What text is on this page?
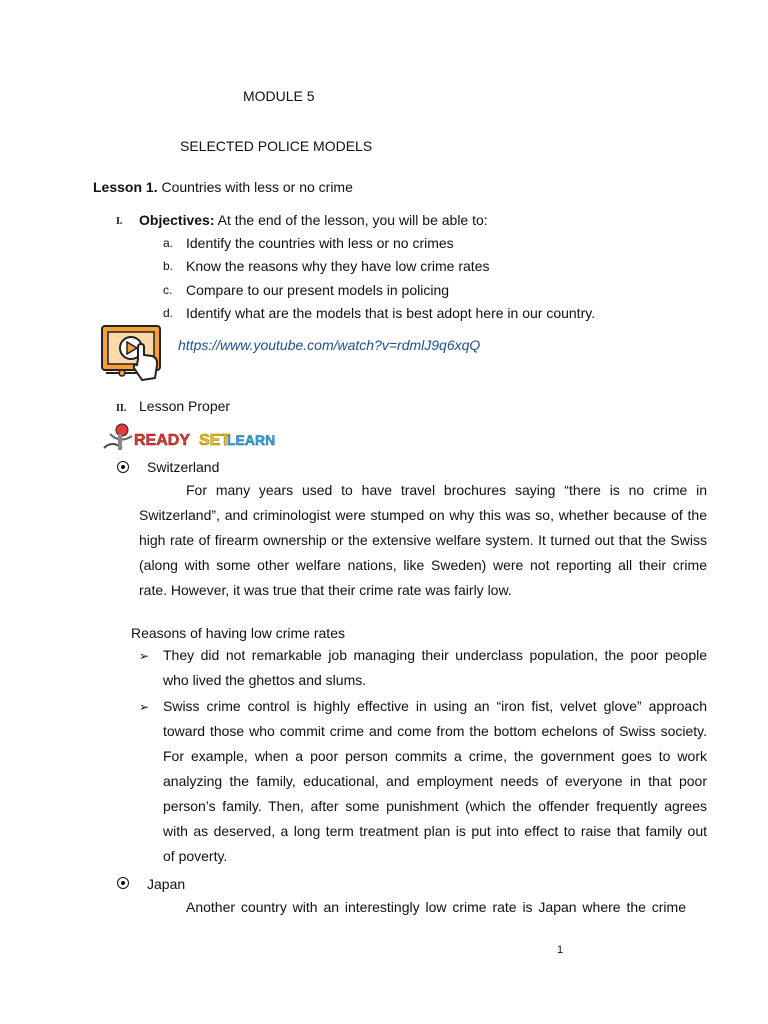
MODULE 5
SELECTED POLICE MODELS
Lesson 1. Countries with less or no crime
I. Objectives: At the end of the lesson, you will be able to:
a. Identify the countries with less or no crimes
b. Know the reasons why they have low crime rates
c. Compare to our present models in policing
d. Identify what are the models that is best adopt here in our country.
https://www.youtube.com/watch?v=rdmlJ9q6xqQ
II. Lesson Proper
READY SET
LEARN
Switzerland
For many years used to have travel brochures saying “there is no crime in
Switzerland”, and criminologist were stumped on why this was so, whether because of the
high rate of firearm ownership or the extensive welfare system. It turned out that the Swiss
(along with some other welfare nations, like Sweden) were not reporting all their crime
rate. However, it was true that their crime rate was fairly low.
Reasons of having low crime rates
➢ They did not remarkable job managing their underclass population, the poor people
who lived the ghettos and slums.
➢ Swiss crime control is highly effective in using an “iron fist, velvet glove” approach
toward those who commit crime and come from the bottom echelons of Swiss society.
For example, when a poor person commits a crime, the government goes to work
analyzing the family, educational, and employment needs of everyone in that poor
person’s family. Then, after some punishment (which the offender frequently agrees
with as deserved, a long term treatment plan is put into effect to raise that family out
of poverty.
Japan
Another country with an interestingly low crime rate is Japan where the crime
1
